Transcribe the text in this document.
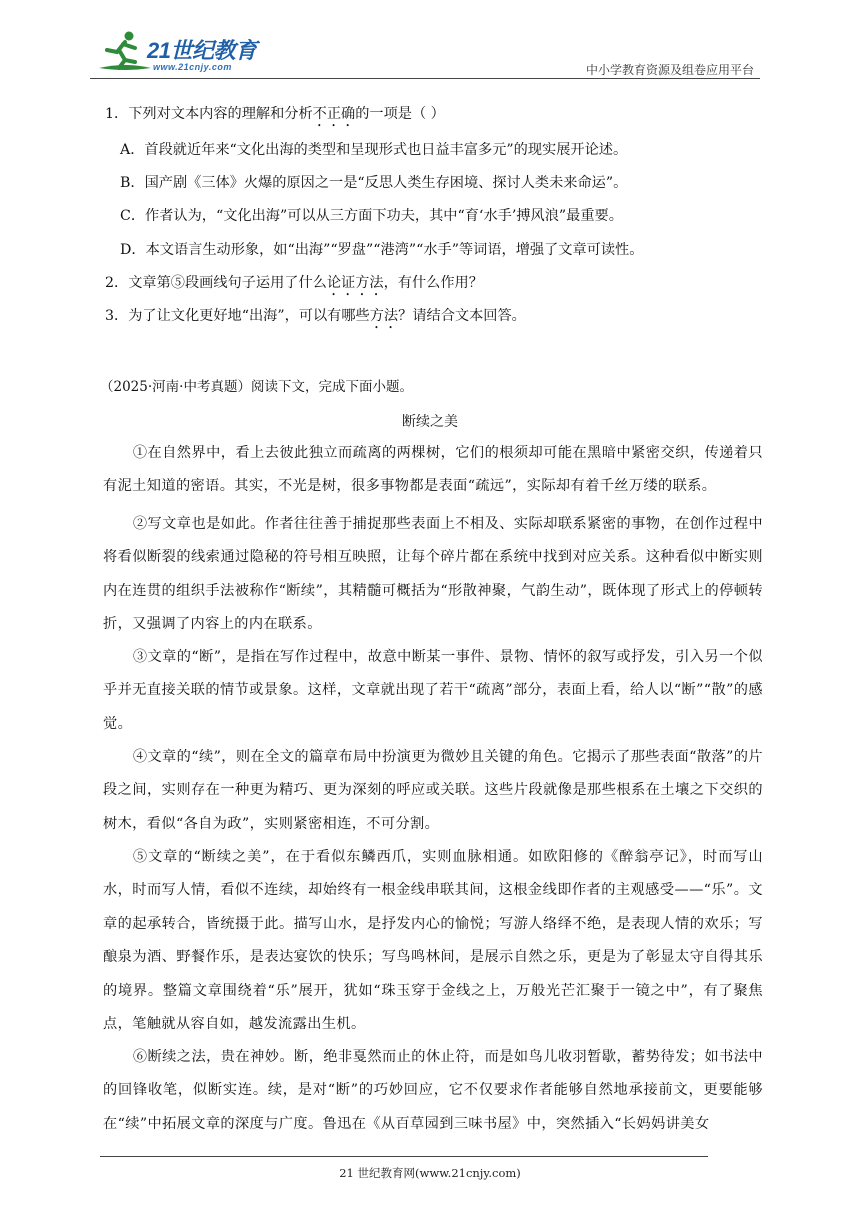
21世纪教育
www.21cnjy.com	中小学教育资源及组卷应用平台
1．下列对文本内容的理解和分析不正确的一项是（ ）
A．首段就近年来“文化出海的类型和呈现形式也日益丰富多元”的现实展开论述。
B．国产剧《三体》火爆的原因之一是“反思人类生存困境、探讨人类未来命运”。
C．作者认为，“文化出海”可以从三方面下功夫，其中“育‘水手’搏风浪”最重要。
D．本文语言生动形象，如“出海”“罗盘”“港湾”“水手”等词语，增强了文章可读性。
2．文章第⑤段画线句子运用了什么论证方法，有什么作用？
3．为了让文化更好地“出海”，可以有哪些方法？请结合文本回答。
（2025·河南·中考真题）阅读下文，完成下面小题。
断续之美
①在自然界中，看上去彼此独立而疏离的两棵树，它们的根须却可能在黑暗中紧密交织，传递着只有泥土知道的密语。其实，不光是树，很多事物都是表面“疏远”，实际却有着千丝万缕的联系。
②写文章也是如此。作者往往善于捕捉那些表面上不相及、实际却联系紧密的事物，在创作过程中将看似断裂的线索通过隐秘的符号相互映照，让每个碎片都在系统中找到对应关系。这种看似中断实则内在连贯的组织手法被称作“断续”，其精髓可概括为“形散神聚，气韵生动”，既体现了形式上的停顿转折，又强调了内容上的内在联系。
③文章的“断”，是指在写作过程中，故意中断某一事件、景物、情怀的叙写或抒发，引入另一个似乎并无直接关联的情节或景象。这样，文章就出现了若干“疏离”部分，表面上看，给人以“断”“散”的感觉。
④文章的“续”，则在全文的篇章布局中扮演更为微妙且关键的角色。它揭示了那些表面“散落”的片段之间，实则存在一种更为精巧、更为深刻的呼应或关联。这些片段就像是那些根系在土壤之下交织的树木，看似“各自为政”，实则紧密相连，不可分割。
⑤文章的“断续之美”，在于看似东鳞西爪，实则血脉相通。如欧阳修的《醉翁亭记》，时而写山水，时而写人情，看似不连续，却始终有一根金线串联其间，这根金线即作者的主观感受——“乐”。文章的起承转合，皆统摄于此。描写山水，是抒发内心的愉悦；写游人络绎不绝，是表现人情的欢乐；写酿泉为酒、野餐作乐，是表达宴饮的快乐；写鸟鸣林间，是展示自然之乐，更是为了彰显太守自得其乐的境界。整篇文章围绕着“乐”展开，犹如“珠玉穿于金线之上，万般光芒汇聚于一镜之中”，有了聚焦点，笔触就从容自如，越发流露出生机。
⑥断续之法，贵在神妙。断，绝非戛然而止的休止符，而是如鸟儿收羽暂歇，蓄势待发；如书法中的回锋收笔，似断实连。续，是对“断”的巧妙回应，它不仅要求作者能够自然地承接前文，更要能够在“续”中拓展文章的深度与广度。鲁迅在《从百草园到三味书屋》中，突然插入“长妈妈讲美女
21 世纪教育网(www.21cnjy.com)
